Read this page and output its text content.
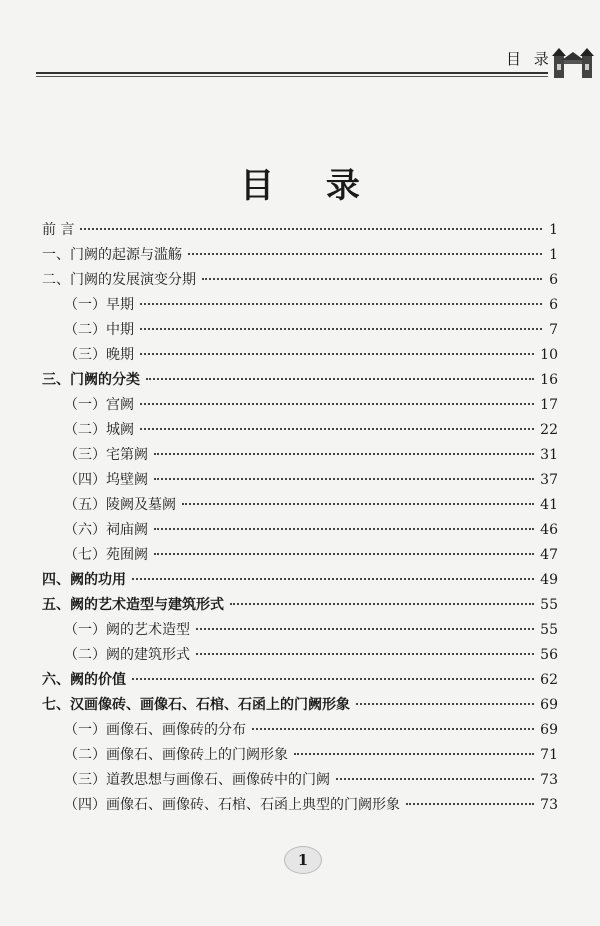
目 录
目 录
前 言	1
一、门阙的起源与滥觞	1
二、门阙的发展演变分期	6
（一）早期	6
（二）中期	7
（三）晚期	10
三、门阙的分类	16
（一）宫阙	17
（二）城阙	22
（三）宅第阙	31
（四）坞壁阙	37
（五）陵阙及墓阙	41
（六）祠庙阙	46
（七）苑囿阙	47
四、阙的功用	49
五、阙的艺术造型与建筑形式	55
（一）阙的艺术造型	55
（二）阙的建筑形式	56
六、阙的价值	62
七、汉画像砖、画像石、石棺、石函上的门阙形象	69
（一）画像石、画像砖的分布	69
（二）画像石、画像砖上的门阙形象	71
（三）道教思想与画像石、画像砖中的门阙	73
（四）画像石、画像砖、石棺、石函上典型的门阙形象	73
1
